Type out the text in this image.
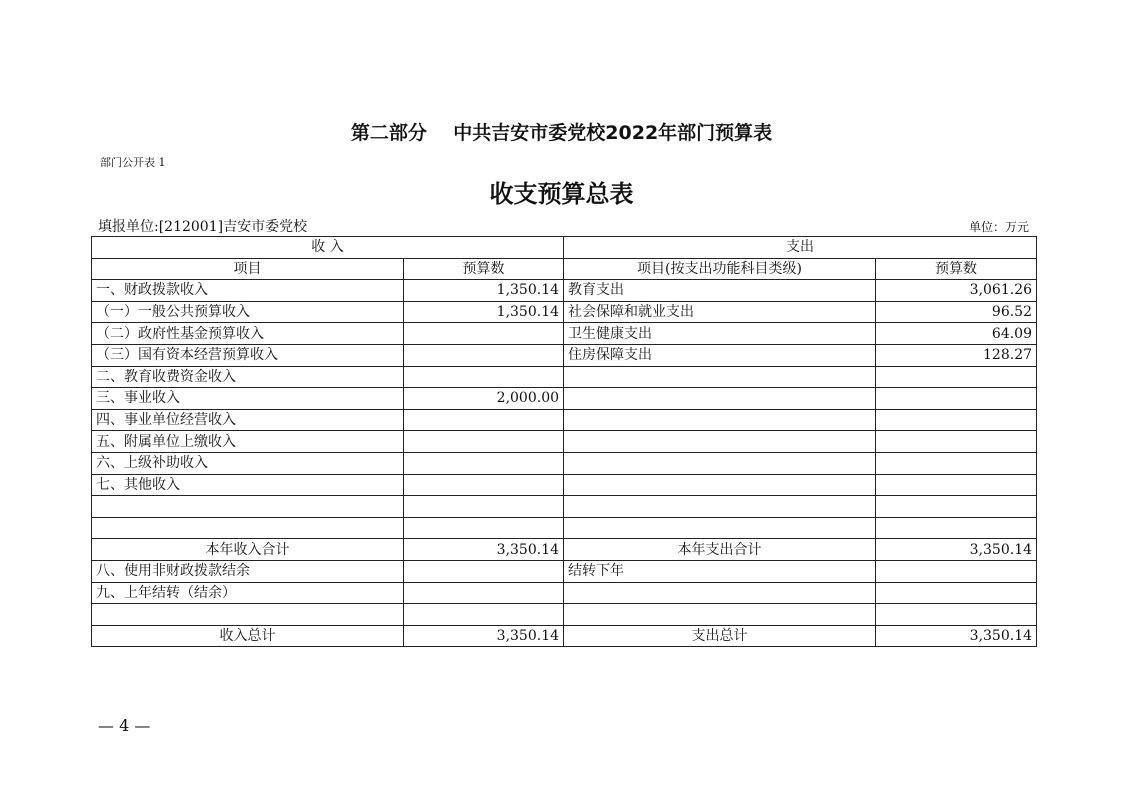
第二部分    中共吉安市委党校2022年部门预算表
部门公开表 1
收支预算总表
填报单位:[212001]吉安市委党校	单位：万元
收 入		支出	
项目	预算数	项目(按支出功能科目类级)	预算数
一、财政拨款收入	1,350.14	教育支出	3,061.26
（一）一般公共预算收入	1,350.14	社会保障和就业支出	96.52
（二）政府性基金预算收入		卫生健康支出	64.09
（三）国有资本经营预算收入		住房保障支出	128.27
二、教育收费资金收入			
三、事业收入	2,000.00		
四、事业单位经营收入			
五、附属单位上缴收入			
六、上级补助收入			
七、其他收入			

本年收入合计	3,350.14	本年支出合计	3,350.14
八、使用非财政拨款结余		结转下年	
九、上年结转（结余）			

收入总计	3,350.14	支出总计	3,350.14
— 4 —
